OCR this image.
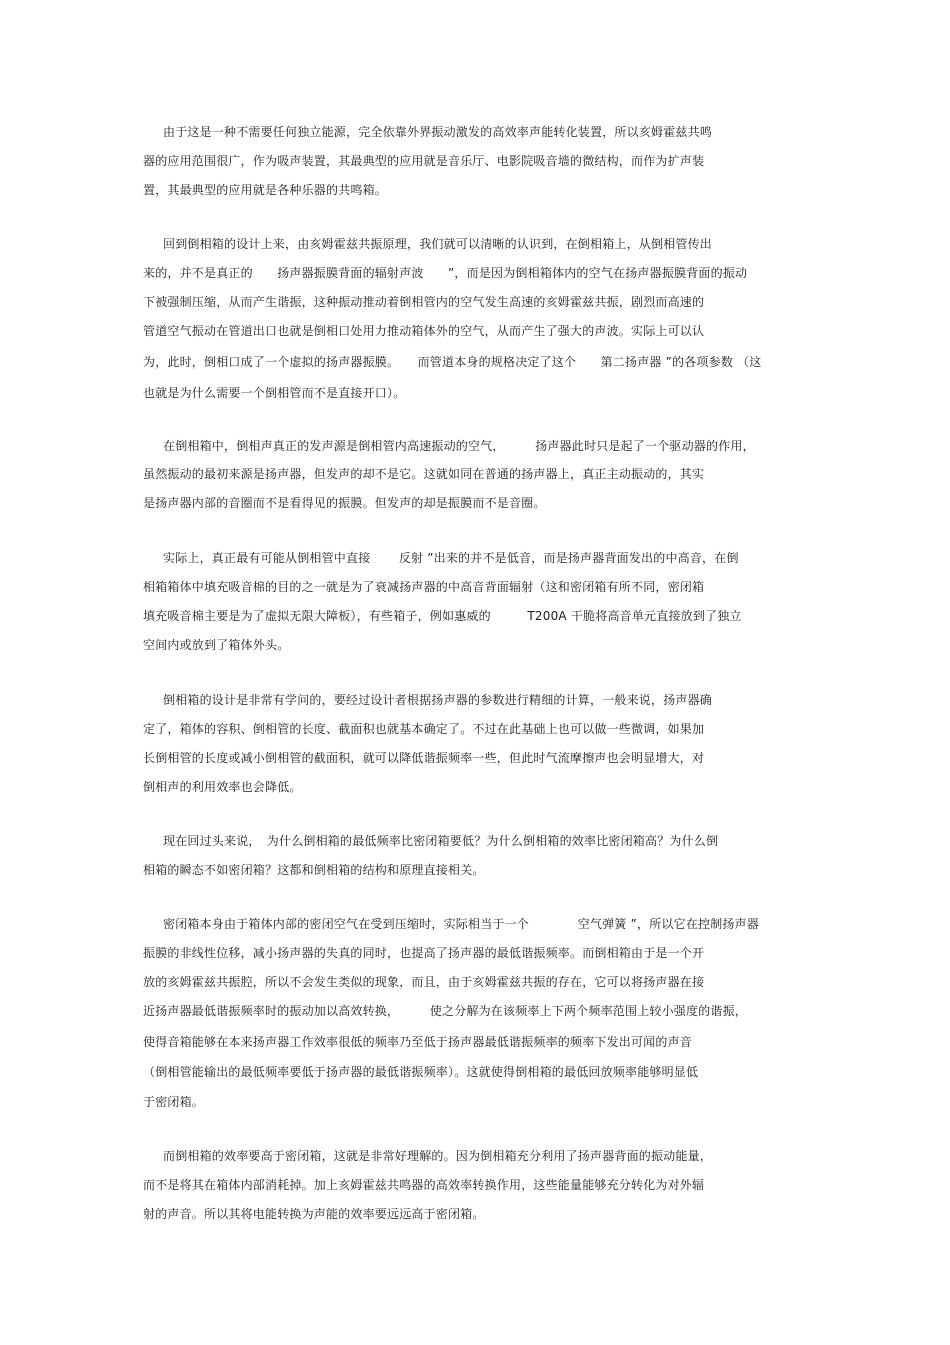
由于这是一种不需要任何独立能源，完全依靠外界振动激发的高效率声能转化装置，所以亥姆霍兹共鸣
器的应用范围很广，作为吸声装置，其最典型的应用就是音乐厅、电影院吸音墙的微结构，而作为扩声装
置，其最典型的应用就是各种乐器的共鸣箱。
回到倒相箱的设计上来，由亥姆霍兹共振原理，我们就可以清晰的认识到，在倒相箱上，从倒相管传出
来的，并不是真正的　　扬声器振膜背面的辐射声波　　”，而是因为倒相箱体内的空气在扬声器振膜背面的振动
下被强制压缩，从而产生谐振，这种振动推动着倒相管内的空气发生高速的亥姆霍兹共振，剧烈而高速的
管道空气振动在管道出口也就是倒相口处用力推动箱体外的空气，从而产生了强大的声波。实际上可以认
为，此时，倒相口成了一个虚拟的扬声器振膜。　　而管道本身的规格决定了这个　　第二扬声器 ”的各项参数 （这
也就是为什么需要一个倒相管而不是直接开口）。
在倒相箱中，倒相声真正的发声源是倒相管内高速振动的空气，　　　扬声器此时只是起了一个驱动器的作用，
虽然振动的最初来源是扬声器，但发声的却不是它。这就如同在普通的扬声器上，真正主动振动的，其实
是扬声器内部的音圈而不是看得见的振膜。但发声的却是振膜而不是音圈。
实际上，真正最有可能从倒相管中直接　　 反射 ”出来的并不是低音，而是扬声器背面发出的中高音，在倒
相箱箱体中填充吸音棉的目的之一就是为了衰减扬声器的中高音背面辐射（这和密闭箱有所不同，密闭箱
填充吸音棉主要是为了虚拟无限大障板），有些箱子，例如惠威的　　　T200A 干脆将高音单元直接放到了独立
空间内或放到了箱体外头。
倒相箱的设计是非常有学问的，要经过设计者根据扬声器的参数进行精细的计算，一般来说，扬声器确
定了，箱体的容积、倒相管的长度、截面积也就基本确定了。不过在此基础上也可以做一些微调，如果加
长倒相管的长度或减小倒相管的截面积，就可以降低谐振频率一些，但此时气流摩擦声也会明显增大，对
倒相声的利用效率也会降低。
现在回过头来说，　为什么倒相箱的最低频率比密闭箱要低？为什么倒相箱的效率比密闭箱高？为什么倒
相箱的瞬态不如密闭箱？这都和倒相箱的结构和原理直接相关。
密闭箱本身由于箱体内部的密闭空气在受到压缩时，实际相当于一个　　　　空气弹簧 ”，所以它在控制扬声器
振膜的非线性位移，减小扬声器的失真的同时，也提高了扬声器的最低谐振频率。而倒相箱由于是一个开
放的亥姆霍兹共振腔，所以不会发生类似的现象，而且，由于亥姆霍兹共振的存在，它可以将扬声器在接
近扬声器最低谐振频率时的振动加以高效转换，　　　使之分解为在该频率上下两个频率范围上较小强度的谐振，
使得音箱能够在本来扬声器工作效率很低的频率乃至低于扬声器最低谐振频率的频率下发出可闻的声音
（倒相管能输出的最低频率要低于扬声器的最低谐振频率）。这就使得倒相箱的最低回放频率能够明显低
于密闭箱。
而倒相箱的效率要高于密闭箱，这就是非常好理解的。因为倒相箱充分利用了扬声器背面的振动能量，
而不是将其在箱体内部消耗掉。加上亥姆霍兹共鸣器的高效率转换作用，这些能量能够充分转化为对外辐
射的声音。所以其将电能转换为声能的效率要远远高于密闭箱。
